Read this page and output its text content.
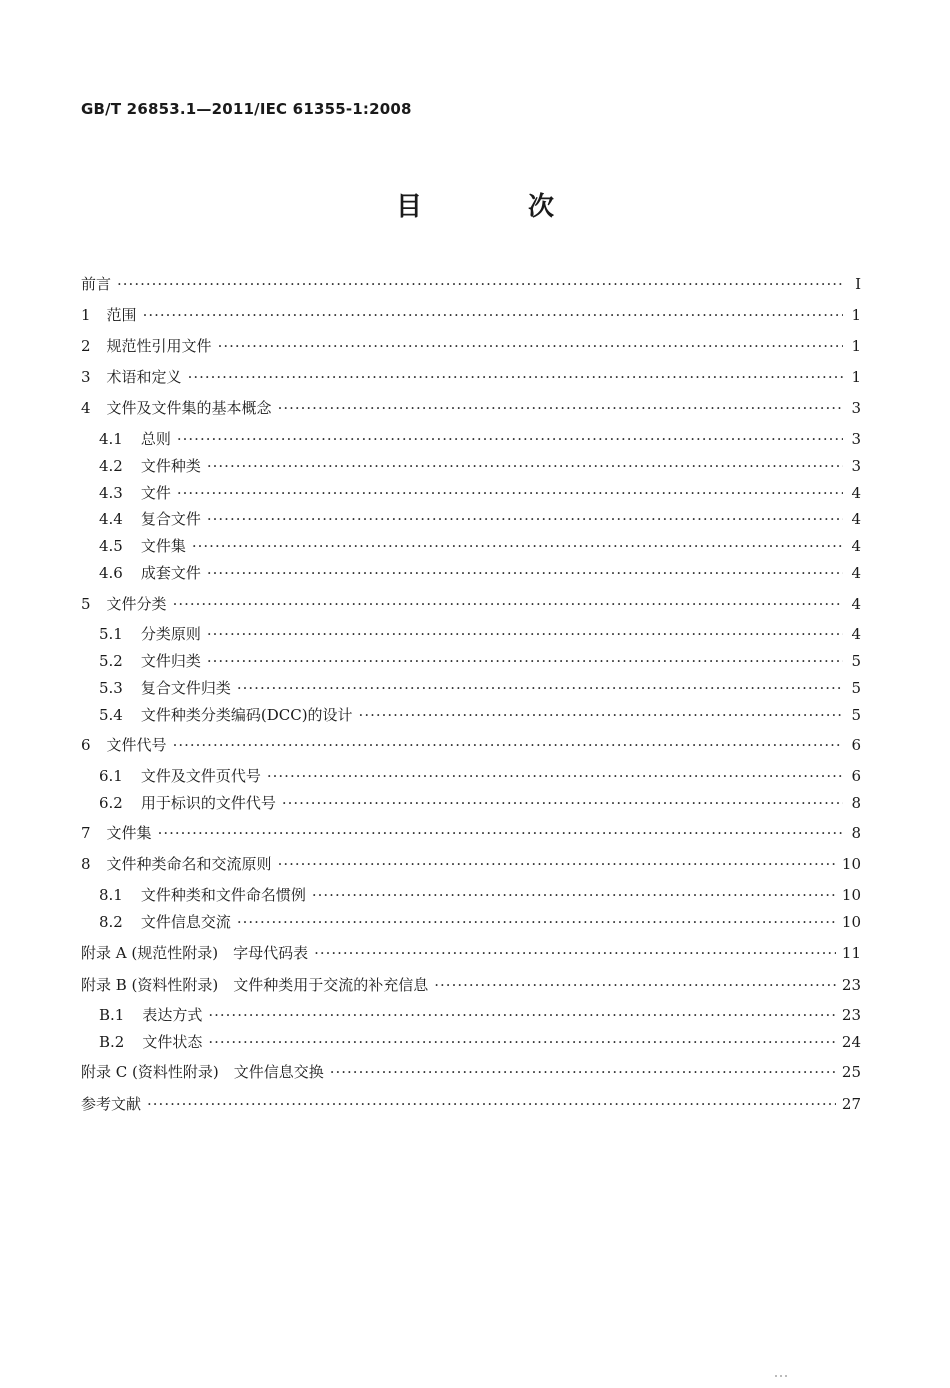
GB/T 26853.1—2011/IEC 61355-1:2008
目　次
前言 ·····	Ⅰ
1 范围 ·····	1
2 规范性引用文件 ·····	1
3 术语和定义 ·····	1
4 文件及文件集的基本概念 ·····	3
4.1 总则 ·····	3
4.2 文件种类 ·····	3
4.3 文件 ·····	4
4.4 复合文件 ·····	4
4.5 文件集 ·····	4
4.6 成套文件 ·····	4
5 文件分类 ·····	4
5.1 分类原则 ·····	4
5.2 文件归类 ·····	5
5.3 复合文件归类 ·····	5
5.4 文件种类分类编码(DCC)的设计 ·····	5
6 文件代号 ·····	6
6.1 文件及文件页代号 ·····	6
6.2 用于标识的文件代号 ·····	8
7 文件集 ·····	8
8 文件种类命名和交流原则 ·····	10
8.1 文件种类和文件命名惯例 ·····	10
8.2 文件信息交流 ·····	10
附录 A (规范性附录)　字母代码表 ·····	11
附录 B (资料性附录)　文件种类用于交流的补充信息 ·····	23
B.1 表达方式 ·····	23
B.2 文件状态 ·····	24
附录 C (资料性附录)　文件信息交换 ·····	25
参考文献 ·····	27
